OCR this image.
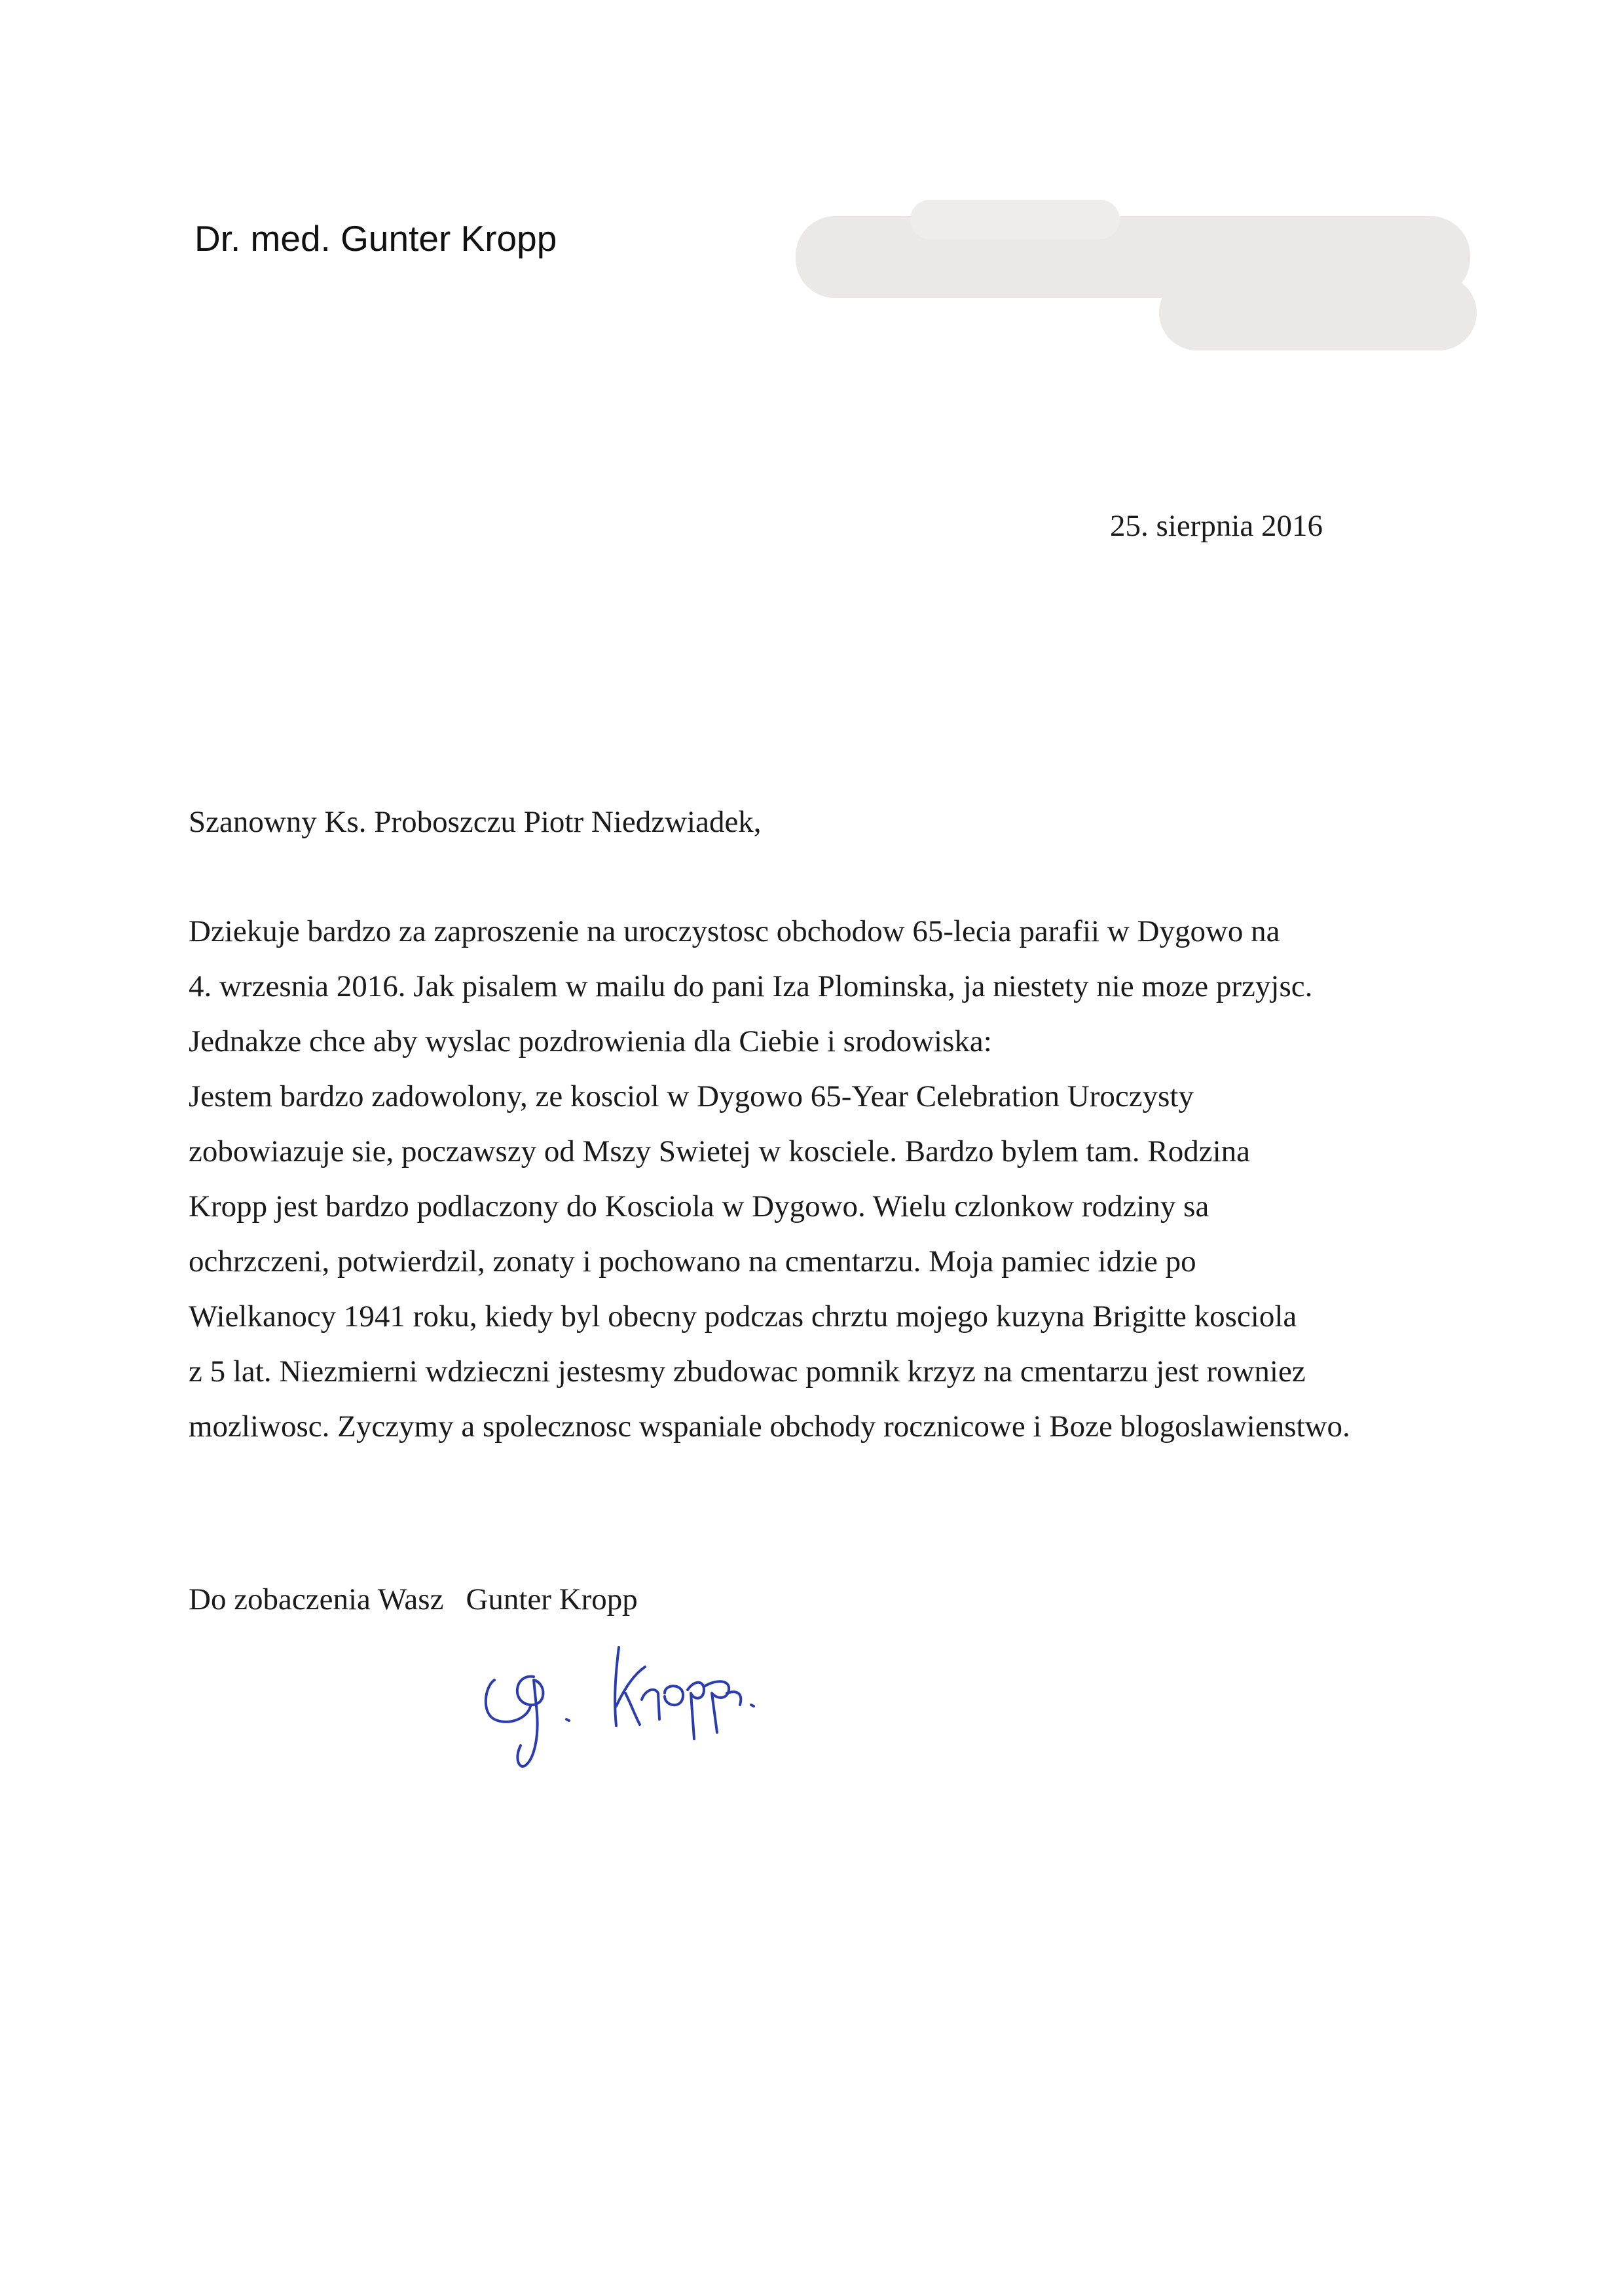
Dr. med. Gunter Kropp
25. sierpnia 2016
Szanowny Ks. Proboszczu Piotr Niedzwiadek,
Dziekuje bardzo za zaproszenie na uroczystosc obchodow 65-lecia parafii w Dygowo na
4. wrzesnia 2016. Jak pisalem w mailu do pani Iza Plominska, ja niestety nie moze przyjsc.
Jednakze chce aby wyslac pozdrowienia dla Ciebie i srodowiska:
Jestem bardzo zadowolony, ze kosciol w Dygowo 65-Year Celebration Uroczysty
zobowiazuje sie, poczawszy od Mszy Swietej w kosciele. Bardzo bylem tam. Rodzina
Kropp jest bardzo podlaczony do Kosciola w Dygowo. Wielu czlonkow rodziny sa
ochrzczeni, potwierdzil, zonaty i pochowano na cmentarzu. Moja pamiec idzie po
Wielkanocy 1941 roku, kiedy byl obecny podczas chrztu mojego kuzyna Brigitte kosciola
z 5 lat. Niezmierni wdzieczni jestesmy zbudowac pomnik krzyz na cmentarzu jest rowniez
mozliwosc. Zyczymy a spolecznosc wspaniale obchody rocznicowe i Boze blogoslawienstwo.
Do zobaczenia Wasz Gunter Kropp
